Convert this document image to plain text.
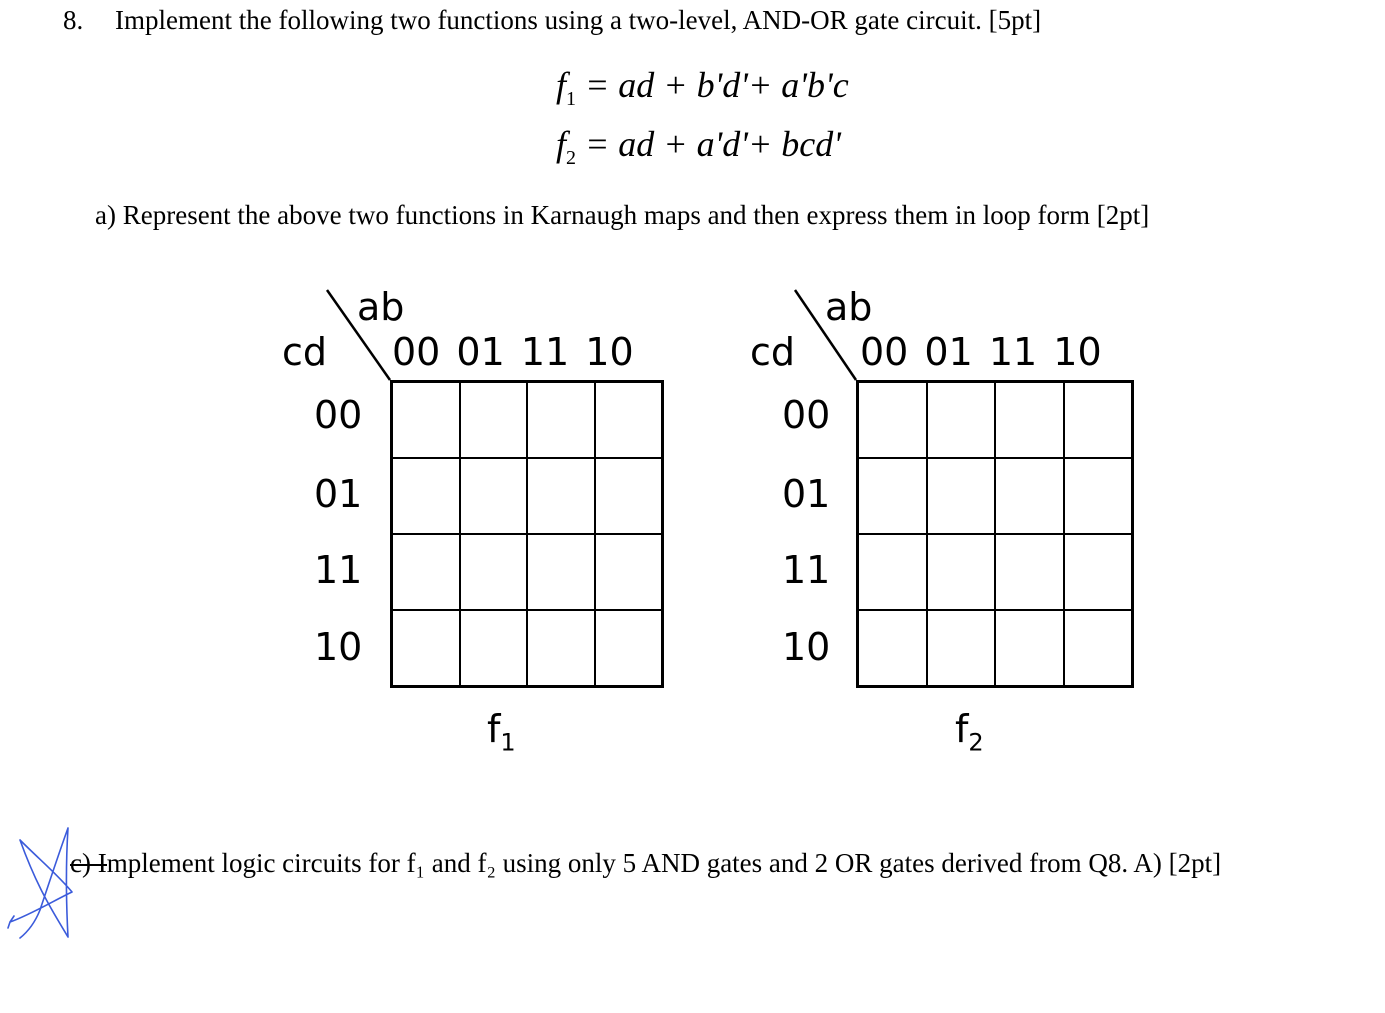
8. Implement the following two functions using a two-level, AND-OR gate circuit. [5pt]
$f_1$ = ad + b'd'+ a'b'c
$f_2$ = ad + a'd'+ bcd'
a) Represent the above two functions in Karnaugh maps and then express them in loop form [2pt]
ab
cd 00 01 11 10
00
01
11
10
$f_1$
ab
cd 00 01 11 10
00
01
11
10
$f_2$
c) Implement logic circuits for f₁ and f₂ using only 5 AND gates and 2 OR gates derived from Q8. A) [2pt]
